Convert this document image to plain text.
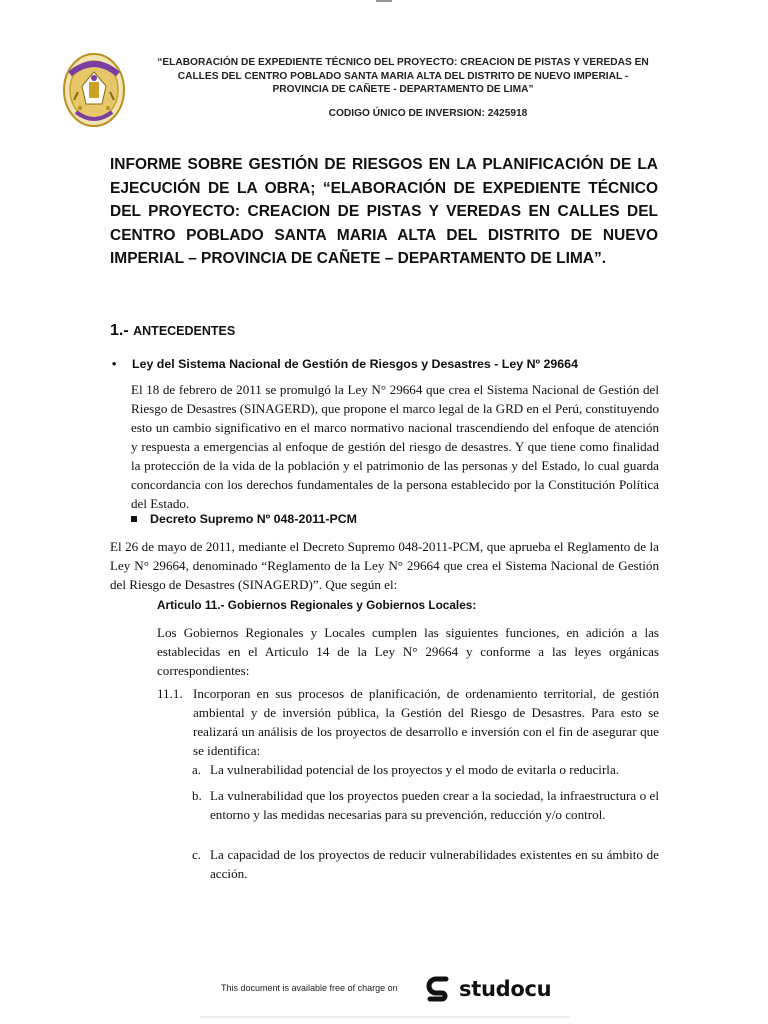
“ELABORACIÓN DE EXPEDIENTE TÉCNICO DEL PROYECTO: CREACION DE PISTAS Y VEREDAS EN CALLES DEL CENTRO POBLADO SANTA MARIA ALTA DEL DISTRITO DE NUEVO IMPERIAL - PROVINCIA DE CAÑETE - DEPARTAMENTO DE LIMA”
CODIGO ÚNICO DE INVERSION: 2425918
INFORME SOBRE GESTIÓN DE RIESGOS EN LA PLANIFICACIÓN DE LA EJECUCIÓN DE LA OBRA; “ELABORACIÓN DE EXPEDIENTE TÉCNICO DEL PROYECTO: CREACION DE PISTAS Y VEREDAS EN CALLES DEL CENTRO POBLADO SANTA MARIA ALTA DEL DISTRITO DE NUEVO IMPERIAL – PROVINCIA DE CAÑETE – DEPARTAMENTO DE LIMA”.
1.- ANTECEDENTES
• Ley del Sistema Nacional de Gestión de Riesgos y Desastres - Ley Nº 29664
El 18 de febrero de 2011 se promulgó la Ley N° 29664 que crea el Sistema Nacional de Gestión del Riesgo de Desastres (SINAGERD), que propone el marco legal de la GRD en el Perú, constituyendo esto un cambio significativo en el marco normativo nacional trascendiendo del enfoque de atención y respuesta a emergencias al enfoque de gestión del riesgo de desastres. Y que tiene como finalidad la protección de la vida de la población y el patrimonio de las personas y del Estado, lo cual guarda concordancia con los derechos fundamentales de la persona establecido por la Constitución Política del Estado.
Decreto Supremo Nº 048-2011-PCM
El 26 de mayo de 2011, mediante el Decreto Supremo 048-2011-PCM, que aprueba el Reglamento de la Ley N° 29664, denominado “Reglamento de la Ley N° 29664 que crea el Sistema Nacional de Gestión del Riesgo de Desastres (SINAGERD)”. Que según el:
Articulo 11.- Gobiernos Regionales y Gobiernos Locales:
Los Gobiernos Regionales y Locales cumplen las siguientes funciones, en adición a las establecidas en el Articulo 14 de la Ley N° 29664 y conforme a las leyes orgánicas correspondientes:
11.1. Incorporan en sus procesos de planificación, de ordenamiento territorial, de gestión ambiental y de inversión pública, la Gestión del Riesgo de Desastres. Para esto se realizará un análisis de los proyectos de desarrollo e inversión con el fin de asegurar que se identifica:
a. La vulnerabilidad potencial de los proyectos y el modo de evitarla o reducirla.
b. La vulnerabilidad que los proyectos pueden crear a la sociedad, la infraestructura o el entorno y las medidas necesarias para su prevención, reducción y/o control.
c. La capacidad de los proyectos de reducir vulnerabilidades existentes en su ámbito de acción.
This document is available free of charge on	studocu
